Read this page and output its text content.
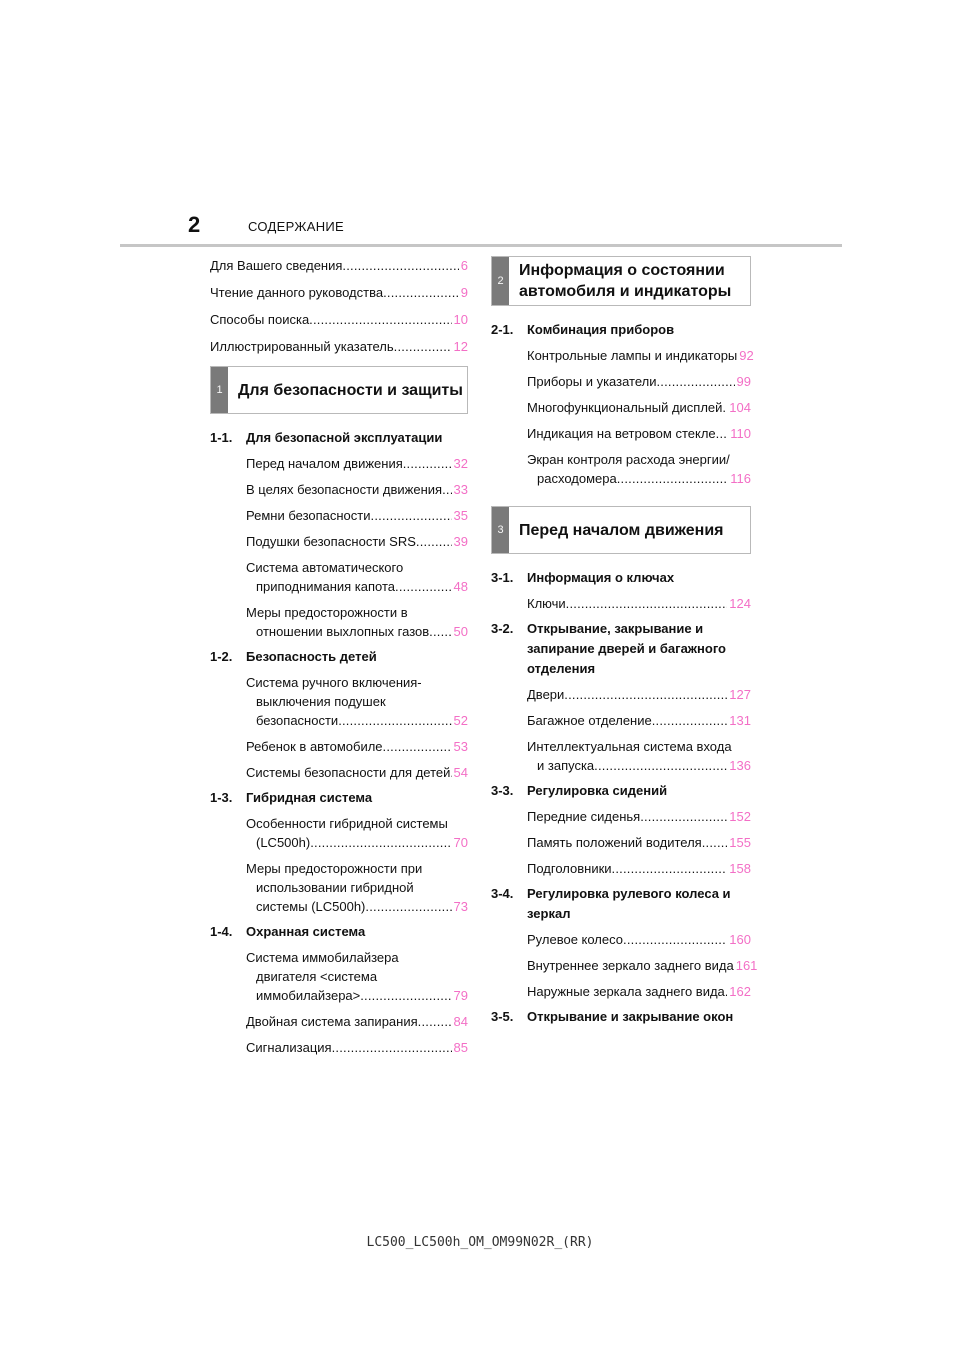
2	СОДЕРЖАНИЕ
Для Вашего сведения .....	6
Чтение данного руководства .....	9
Способы поиска .....	10
Иллюстрированный указатель .....	12
1 Для безопасности и защиты
1-1.	Для безопасной эксплуатации
Перед началом движения .....	32
В целях безопасности движения ..... 33
Ремни безопасности .....	35
Подушки безопасности SRS .....	39
Система автоматического
приподнимания капота .....	48
Меры предосторожности в
отношении выхлопных газов ..... 50
1-2.	Безопасность детей
Система ручного включения-
выключения подушек
безопасности .....	52
Ребенок в автомобиле .....	53
Системы безопасности для детей ..... 54
1-3.	Гибридная система
Особенности гибридной системы
(LC500h) .....	70
Меры предосторожности при
использовании гибридной
системы (LC500h) .....	73
1-4.	Охранная система
Система иммобилайзера
двигателя <система
иммобилайзера> .....	79
Двойная система запирания .....	84
Сигнализация .....	85
2
Информация о состоянии
автомобиля и индикаторы
2-1.	Комбинация приборов
Контрольные лампы и индикаторы 92
Приборы и указатели .....	99
Многофункциональный дисплей ..... 104
Индикация на ветровом стекле ..... 110
Экран контроля расхода энергии/
расходомера .....	116
3 Перед началом движения
3-1.	Информация о ключах
Ключи .....	124
3-2.	Открывание, закрывание и запирание дверей и багажного отделения
Двери .....	127
Багажное отделение .....	131
Интеллектуальная система входа
и запуска .....	136
3-3.	Регулировка сидений
Передние сиденья .....	152
Память положений водителя ..... 155
Подголовники .....	158
3-4.	Регулировка рулевого колеса и зеркал
Рулевое колесо .....	160
Внутреннее зеркало заднего вида 161
Наружные зеркала заднего вида ..... 162
3-5.	Открывание и закрывание окон
LC500_LC500h_OM_OM99N02R_(RR)
